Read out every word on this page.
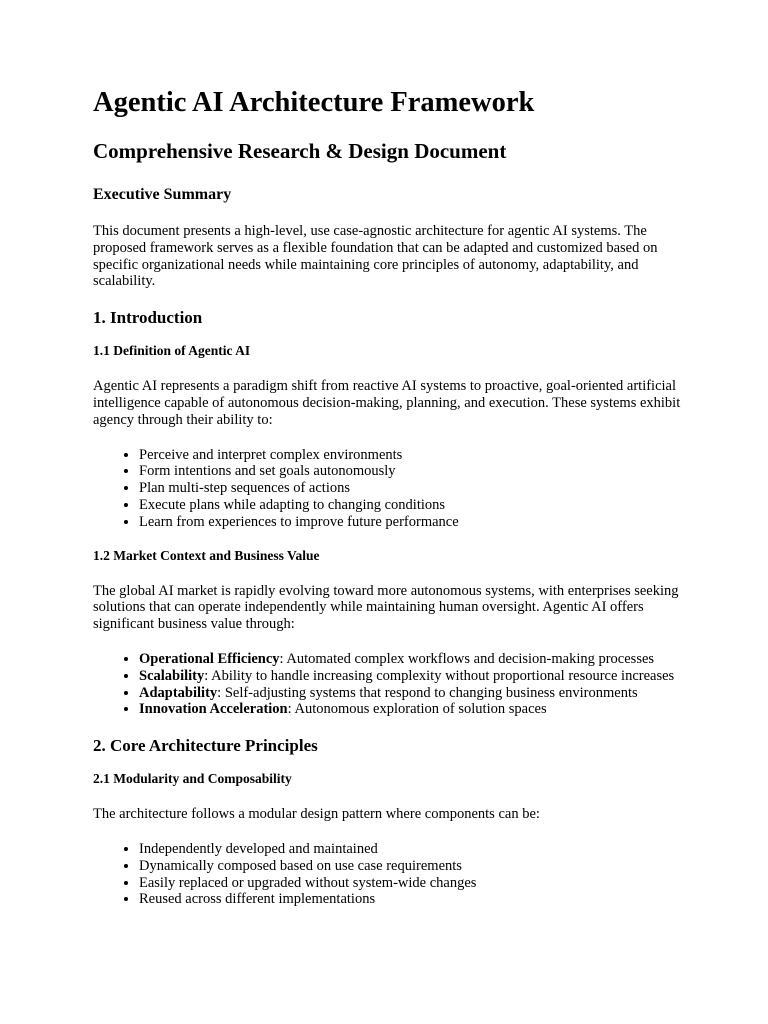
Agentic AI Architecture Framework
Comprehensive Research & Design Document
Executive Summary

This document presents a high-level, use case-agnostic architecture for agentic AI systems. The proposed framework serves as a flexible foundation that can be adapted and customized based on specific organizational needs while maintaining core principles of autonomy, adaptability, and scalability.

1. Introduction
1.1 Definition of Agentic AI

Agentic AI represents a paradigm shift from reactive AI systems to proactive, goal-oriented artificial intelligence capable of autonomous decision-making, planning, and execution. These systems exhibit agency through their ability to:

• Perceive and interpret complex environments
• Form intentions and set goals autonomously
• Plan multi-step sequences of actions
• Execute plans while adapting to changing conditions
• Learn from experiences to improve future performance
1.2 Market Context and Business Value

The global AI market is rapidly evolving toward more autonomous systems, with enterprises seeking solutions that can operate independently while maintaining human oversight. Agentic AI offers significant business value through:

• Operational Efficiency: Automated complex workflows and decision-making processes
• Scalability: Ability to handle increasing complexity without proportional resource increases
• Adaptability: Self-adjusting systems that respond to changing business environments
• Innovation Acceleration: Autonomous exploration of solution spaces
2. Core Architecture Principles
2.1 Modularity and Composability

The architecture follows a modular design pattern where components can be:

• Independently developed and maintained
• Dynamically composed based on use case requirements
• Easily replaced or upgraded without system-wide changes
• Reused across different implementations
